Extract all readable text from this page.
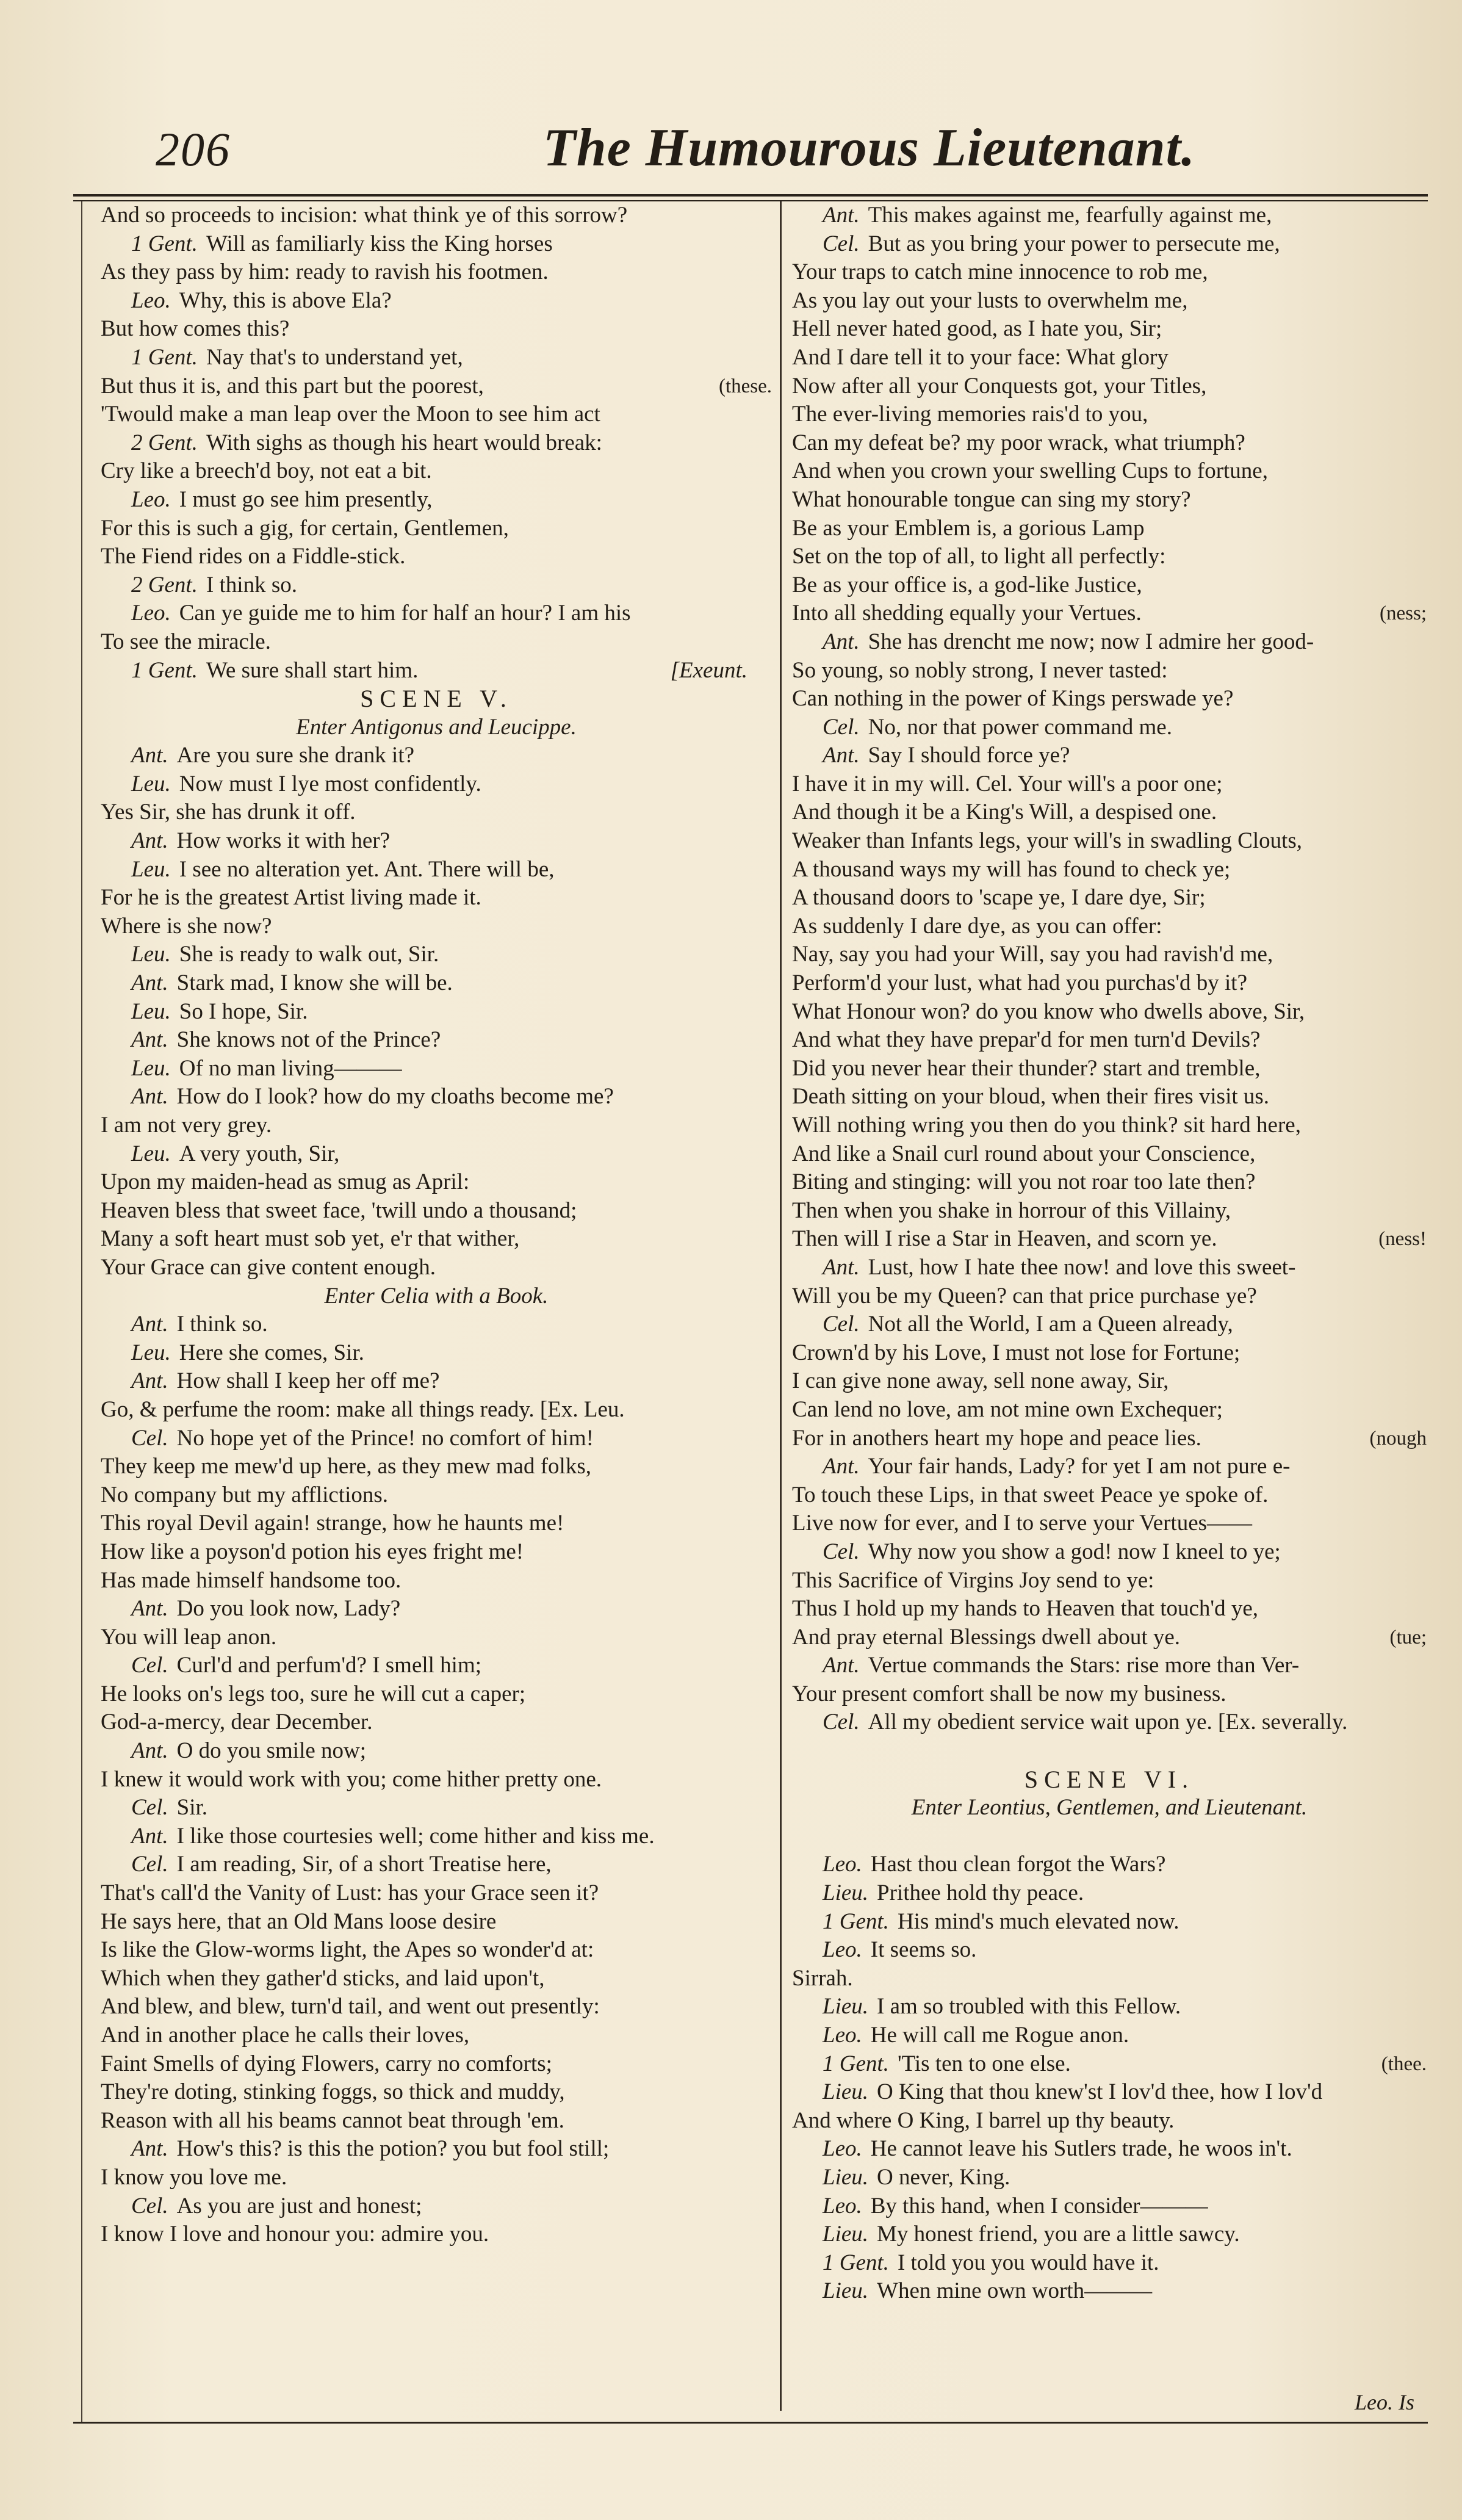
206	The Humourous Lieutenant.
And so proceeds to incision: what think ye of this sorrow?
1 Gent. Will as familiarly kiss the King horses
As they pass by him: ready to ravish his footmen.
Leo. Why, this is above Ela?
But how comes this?
1 Gent. Nay that's to understand yet,
But thus it is, and this part but the poorest,	(these.
'Twould make a man leap over the Moon to see him act
2 Gent. With sighs as though his heart would break:
Cry like a breech'd boy, not eat a bit.
Leo. I must go see him presently,
For this is such a gig, for certain, Gentlemen,
The Fiend rides on a Fiddle-stick.
2 Gent. I think so.
Leo. Can ye guide me to him for half an hour? I am his
To see the miracle.
1 Gent. We sure shall start him.	[Exeunt.
SCENE V.
Enter Antigonus and Leucippe.
Ant. Are you sure she drank it?
Leu. Now must I lye most confidently.
Yes Sir, she has drunk it off.
Ant. How works it with her?
Leu. I see no alteration yet. Ant. There will be,
For he is the greatest Artist living made it.
Where is she now?
Leu. She is ready to walk out, Sir.
Ant. Stark mad, I know she will be.
Leu. So I hope, Sir.
Ant. She knows not of the Prince?
Leu. Of no man living———
Ant. How do I look? how do my cloaths become me?
I am not very grey.
Leu. A very youth, Sir,
Upon my maiden-head as smug as April:
Heaven bless that sweet face, 'twill undo a thousand;
Many a soft heart must sob yet, e'r that wither,
Your Grace can give content enough.
Enter Celia with a Book.
Ant. I think so.
Leu. Here she comes, Sir.
Ant. How shall I keep her off me?
Go, & perfume the room: make all things ready. [Ex. Leu.
Cel. No hope yet of the Prince! no comfort of him!
They keep me mew'd up here, as they mew mad folks,
No company but my afflictions.
This royal Devil again! strange, how he haunts me!
How like a poyson'd potion his eyes fright me!
Has made himself handsome too.
Ant. Do you look now, Lady?
You will leap anon.
Cel. Curl'd and perfum'd? I smell him;
He looks on's legs too, sure he will cut a caper;
God-a-mercy, dear December.
Ant. O do you smile now;
I knew it would work with you; come hither pretty one.
Cel. Sir.
Ant. I like those courtesies well; come hither and kiss me.
Cel. I am reading, Sir, of a short Treatise here,
That's call'd the Vanity of Lust: has your Grace seen it?
He says here, that an Old Mans loose desire
Is like the Glow-worms light, the Apes so wonder'd at:
Which when they gather'd sticks, and laid upon't,
And blew, and blew, turn'd tail, and went out presently:
And in another place he calls their loves,
Faint Smells of dying Flowers, carry no comforts;
They're doting, stinking foggs, so thick and muddy,
Reason with all his beams cannot beat through 'em.
Ant. How's this? is this the potion? you but fool still;
I know you love me.
Cel. As you are just and honest;
I know I love and honour you: admire you.
Ant. This makes against me, fearfully against me,
Cel. But as you bring your power to persecute me,
Your traps to catch mine innocence to rob me,
As you lay out your lusts to overwhelm me,
Hell never hated good, as I hate you, Sir;
And I dare tell it to your face: What glory
Now after all your Conquests got, your Titles,
The ever-living memories rais'd to you,
Can my defeat be? my poor wrack, what triumph?
And when you crown your swelling Cups to fortune,
What honourable tongue can sing my story?
Be as your Emblem is, a gorious Lamp
Set on the top of all, to light all perfectly:
Be as your office is, a god-like Justice,
Into all shedding equally your Vertues.	(ness;
Ant. She has drencht me now; now I admire her good-
So young, so nobly strong, I never tasted:
Can nothing in the power of Kings perswade ye?
Cel. No, nor that power command me.
Ant. Say I should force ye?
I have it in my will. Cel. Your will's a poor one;
And though it be a King's Will, a despised one.
Weaker than Infants legs, your will's in swadling Clouts,
A thousand ways my will has found to check ye;
A thousand doors to 'scape ye, I dare dye, Sir;
As suddenly I dare dye, as you can offer:
Nay, say you had your Will, say you had ravish'd me,
Perform'd your lust, what had you purchas'd by it?
What Honour won? do you know who dwells above, Sir,
And what they have prepar'd for men turn'd Devils?
Did you never hear their thunder? start and tremble,
Death sitting on your bloud, when their fires visit us.
Will nothing wring you then do you think? sit hard here,
And like a Snail curl round about your Conscience,
Biting and stinging: will you not roar too late then?
Then when you shake in horrour of this Villainy,
Then will I rise a Star in Heaven, and scorn ye.	(ness!
Ant. Lust, how I hate thee now! and love this sweet-
Will you be my Queen? can that price purchase ye?
Cel. Not all the World, I am a Queen already,
Crown'd by his Love, I must not lose for Fortune;
I can give none away, sell none away, Sir,
Can lend no love, am not mine own Exchequer;
For in anothers heart my hope and peace lies.	(nough
Ant. Your fair hands, Lady? for yet I am not pure e-
To touch these Lips, in that sweet Peace ye spoke of.
Live now for ever, and I to serve your Vertues——
Cel. Why now you show a god! now I kneel to ye;
This Sacrifice of Virgins Joy send to ye:
Thus I hold up my hands to Heaven that touch'd ye,
And pray eternal Blessings dwell about ye.	(tue;
Ant. Vertue commands the Stars: rise more than Ver-
Your present comfort shall be now my business.
Cel. All my obedient service wait upon ye. [Ex. severally.
SCENE VI.
Enter Leontius, Gentlemen, and Lieutenant.
Leo. Hast thou clean forgot the Wars?
Lieu. Prithee hold thy peace.
1 Gent. His mind's much elevated now.
Leo. It seems so.
Sirrah.
Lieu. I am so troubled with this Fellow.
Leo. He will call me Rogue anon.
1 Gent. 'Tis ten to one else.	(thee.
Lieu. O King that thou knew'st I lov'd thee, how I lov'd
And where O King, I barrel up thy beauty.
Leo. He cannot leave his Sutlers trade, he woos in't.
Lieu. O never, King.
Leo. By this hand, when I consider———
Lieu. My honest friend, you are a little sawcy.
1 Gent. I told you you would have it.
Lieu. When mine own worth———
Leo. Is
